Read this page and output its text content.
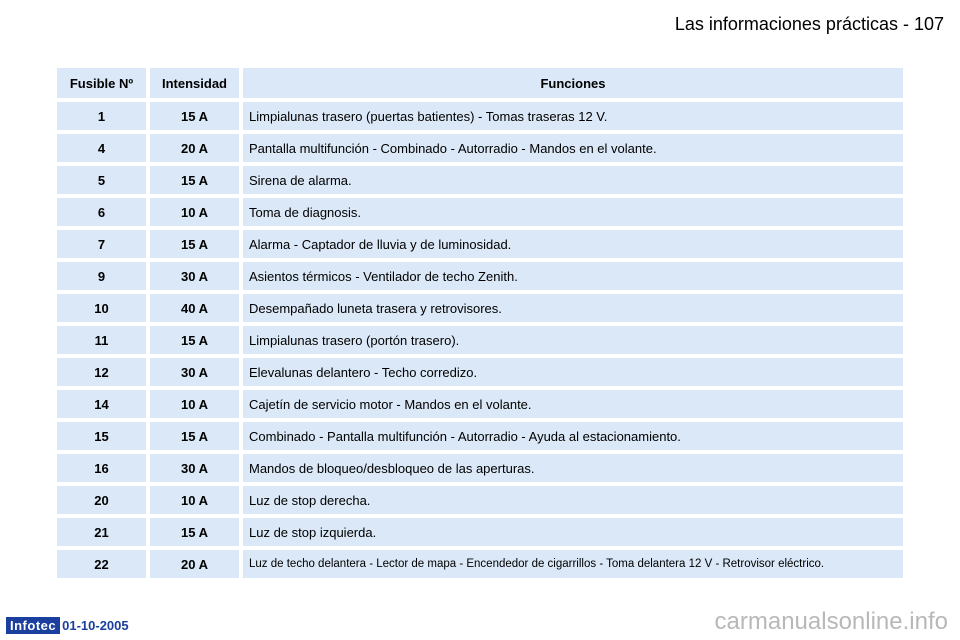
Las informaciones prácticas - 107
Fusible Nº	Intensidad	Funciones
1	15 A	Limpialunas trasero (puertas batientes) - Tomas traseras 12 V.
4	20 A	Pantalla multifunción - Combinado - Autorradio - Mandos en el volante.
5	15 A	Sirena de alarma.
6	10 A	Toma de diagnosis.
7	15 A	Alarma - Captador de lluvia y de luminosidad.
9	30 A	Asientos térmicos - Ventilador de techo Zenith.
10	40 A	Desempañado luneta trasera y retrovisores.
11	15 A	Limpialunas trasero (portón trasero).
12	30 A	Elevalunas delantero - Techo corredizo.
14	10 A	Cajetín de servicio motor - Mandos en el volante.
15	15 A	Combinado - Pantalla multifunción - Autorradio - Ayuda al estacionamiento.
16	30 A	Mandos de bloqueo/desbloqueo de las aperturas.
20	10 A	Luz de stop derecha.
21	15 A	Luz de stop izquierda.
22	20 A	Luz de techo delantera - Lector de mapa - Encendedor de cigarrillos - Toma delantera 12 V - Retrovisor eléctrico.
Infotec 01-10-2005	carmanualsonline.info
